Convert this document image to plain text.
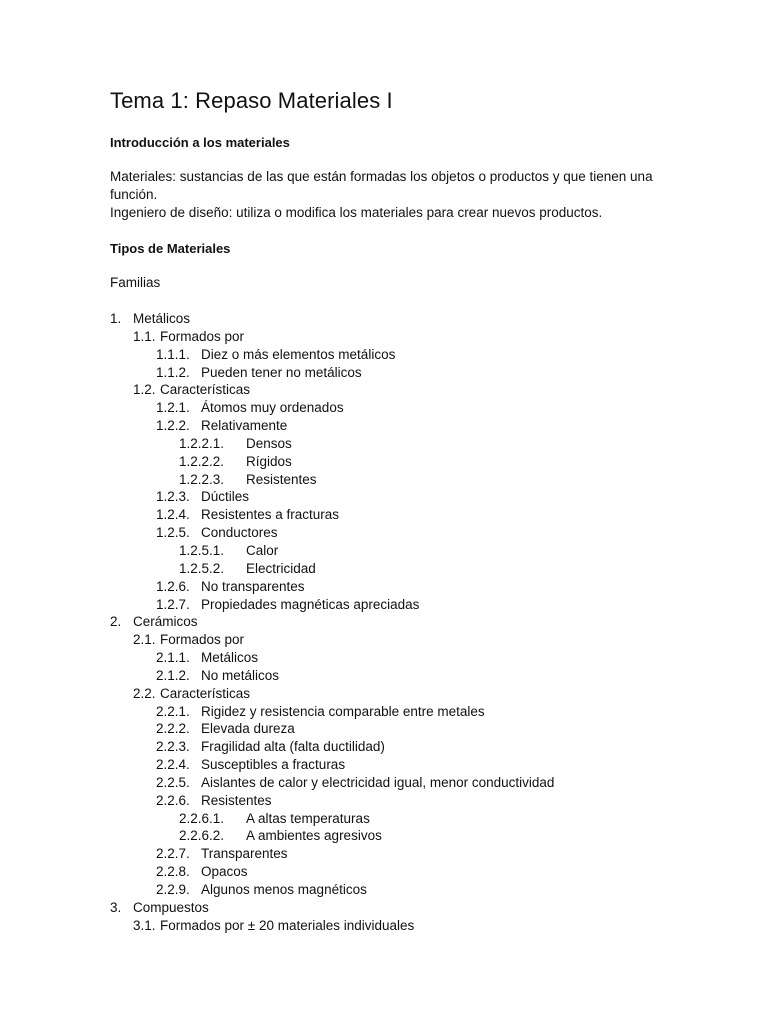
Tema 1: Repaso Materiales I
Introducción a los materiales
Materiales: sustancias de las que están formadas los objetos o productos y que tienen una función.
Ingeniero de diseño: utiliza o modifica los materiales para crear nuevos productos.
Tipos de Materiales
Familias
1. Metálicos
1.1. Formados por
1.1.1. Diez o más elementos metálicos
1.1.2. Pueden tener no metálicos
1.2. Características
1.2.1. Átomos muy ordenados
1.2.2. Relativamente
1.2.2.1. Densos
1.2.2.2. Rígidos
1.2.2.3. Resistentes
1.2.3. Dúctiles
1.2.4. Resistentes a fracturas
1.2.5. Conductores
1.2.5.1. Calor
1.2.5.2. Electricidad
1.2.6. No transparentes
1.2.7. Propiedades magnéticas apreciadas
2. Cerámicos
2.1. Formados por
2.1.1. Metálicos
2.1.2. No metálicos
2.2. Características
2.2.1. Rigidez y resistencia comparable entre metales
2.2.2. Elevada dureza
2.2.3. Fragilidad alta (falta ductilidad)
2.2.4. Susceptibles a fracturas
2.2.5. Aislantes de calor y electricidad igual, menor conductividad
2.2.6. Resistentes
2.2.6.1. A altas temperaturas
2.2.6.2. A ambientes agresivos
2.2.7. Transparentes
2.2.8. Opacos
2.2.9. Algunos menos magnéticos
3. Compuestos
3.1. Formados por ± 20 materiales individuales
